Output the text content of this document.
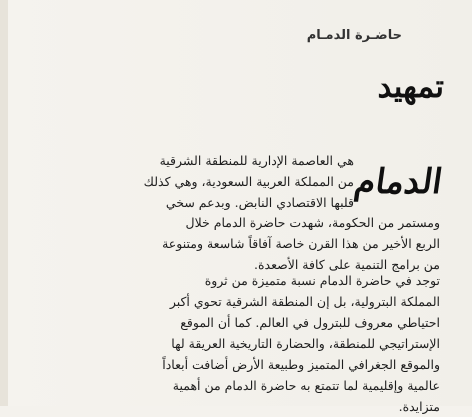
حاضـرة الدمـام
تمهيد
الدمام
هي العاصمة الإدارية للمنطقة الشرقية
من المملكة العربية السعودية، وهي كذلك
قلبها الاقتصادي النابض. وبدعم سخي
ومستمر من الحكومة، شهدت حاضرة الدمام خلال
الربع الأخير من هذا القرن خاصة آفاقاً شاسعة ومتنوعة
من برامج التنمية على كافة الأصعدة.
توجد في حاضرة الدمام نسبة متميزة من ثروة
المملكة البترولية، بل إن المنطقة الشرقية تحوي أكبر
احتياطي معروف للبترول في العالم. كما أن الموقع
الإستراتيجي للمنطقة، والحضارة التاريخية العريقة لها
والموقع الجغرافي المتميز وطبيعة الأرض أضافت أبعاداً
عالمية وإقليمية لما تتمتع به حاضرة الدمام من أهمية
متزايدة.
